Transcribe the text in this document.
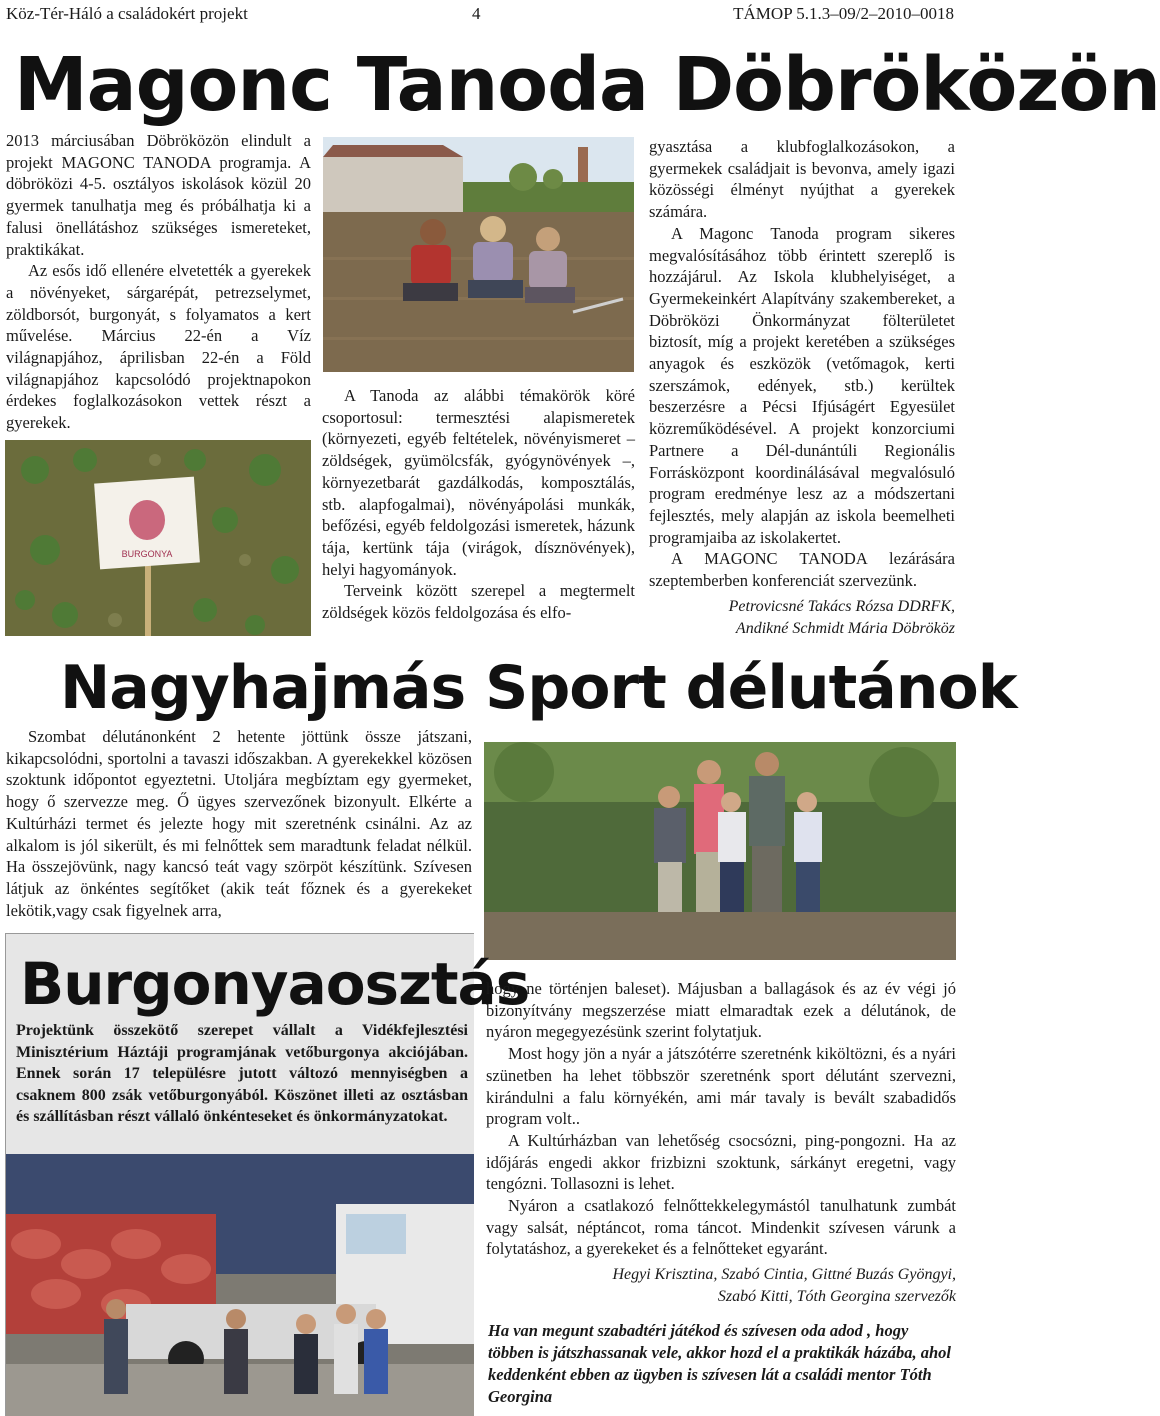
Köz-Tér-Háló a családokért projekt	4	TÁMOP 5.1.3–09/2–2010–0018
Magonc Tanoda Döbröközön

2013 márciusában Döbröközön elindult a projekt MAGONC TANODA programja. A döbröközi 4-5. osztályos iskolások közül 20 gyermek tanulhatja meg és próbálhatja ki a falusi önellátáshoz szükséges ismereteket, praktikákat.

Az esős idő ellenére elvetették a gyerekek a növényeket, sárgarépát, petrezselymet, zöldborsót, burgonyát, s folyamatos a kert művelése. Március 22-én a Víz világnapjához, áprilisban 22-én a Föld világnapjához kapcsolódó projektnapokon érdekes foglalkozásokon vettek részt a gyerekek.

BURGONYA

A Tanoda az alábbi témakörök köré csoportosul: termesztési alapismeretek (környezeti, egyéb feltételek, növényismeret – zöldségek, gyümölcsfák, gyógynövények –, környezetbarát gazdálkodás, komposztálás, stb. alapfogalmai), növényápolási munkák, befőzési, egyéb feldolgozási ismeretek, házunk tája, kertünk tája (virágok, dísznövények), helyi hagyományok.

Terveink között szerepel a megtermelt zöldségek közös feldolgozása és elfo-

gyasztása a klubfoglalkozásokon, a gyermekek családjait is bevonva, amely igazi közösségi élményt nyújthat a gyerekek számára.

A Magonc Tanoda program sikeres megvalósításához több érintett szereplő is hozzájárul. Az Iskola klubhelyiséget, a Gyermekeinkért Alapítvány szakembereket, a Döbröközi Önkormányzat fölterületet biztosít, míg a projekt keretében a szükséges anyagok és eszközök (vetőmagok, kerti szerszámok, edények, stb.) kerültek beszerzésre a Pécsi Ifjúságért Egyesület közreműködésével. A projekt konzorciumi Partnere a Dél-dunántúli Regionális Forrásközpont koordinálásával megvalósuló program eredménye lesz az a módszertani fejlesztés, mely alapján az iskola beemelheti programjaiba az iskolakertet.

A MAGONC TANODA lezárására szeptemberben konferenciát szervezünk.

Petrovicsné Takács Rózsa DDRFK,
Andikné Schmidt Mária Döbrököz
Nagyhajmás Sport délutánok

Szombat délutánonként 2 hetente jöttünk össze játszani, kikapcsolódni, sportolni a tavaszi időszakban. A gyerekekkel közösen szoktunk időpontot egyeztetni. Utoljára megbíztam egy gyermeket, hogy ő szervezze meg. Ő ügyes szervezőnek bizonyult. Elkérte a Kultúrházi termet és jelezte hogy mit szeretnénk csinálni. Az az alkalom is jól sikerült, és mi felnőttek sem maradtunk feladat nélkül. Ha összejövünk, nagy kancsó teát vagy szörpöt készítünk. Szívesen látjuk az önkéntes segítőket (akik teát főznek és a gyerekeket lekötik,vagy csak figyelnek arra,

Burgonyaosztás

Projektünk összekötő szerepet vállalt a Vidékfejlesztési Minisztérium Háztáji programjának vetőburgonya akciójában. Ennek során 17 településre jutott változó mennyiségben a csaknem 800 zsák vetőburgonyából. Köszönet illeti az osztásban és szállításban részt vállaló önkénteseket és önkormányzatokat.

hogy ne történjen baleset). Májusban a ballagások és az év végi jó bizonyítvány megszerzése miatt elmaradtak ezek a délutánok, de nyáron megegyezésünk szerint folytatjuk.

Most hogy jön a nyár a játszótérre szeretnénk kiköltözni, és a nyári szünetben ha lehet többször szeretnénk sport délutánt szervezni, kirándulni a falu környékén, ami már tavaly is bevált szabadidős program volt..

A Kultúrházban van lehetőség csocsózni, ping-pongozni. Ha az időjárás engedi akkor frizbizni szoktunk, sárkányt eregetni, vagy tengózni. Tollasozni is lehet.

Nyáron a csatlakozó felnőttekkelegymástól tanulhatunk zumbát vagy salsát, néptáncot, roma táncot. Mindenkit szívesen várunk a folytatáshoz, a gyerekeket és a felnőtteket egyaránt.

Hegyi Krisztina, Szabó Cintia, Gittné Buzás Gyöngyi,
Szabó Kitti, Tóth Georgina szervezők

Ha van megunt szabadtéri játékod és szívesen oda adod , hogy többen is játszhassanak vele, akkor hozd el a praktikák házába, ahol keddenként ebben az ügyben is szívesen lát a családi mentor Tóth Georgina
